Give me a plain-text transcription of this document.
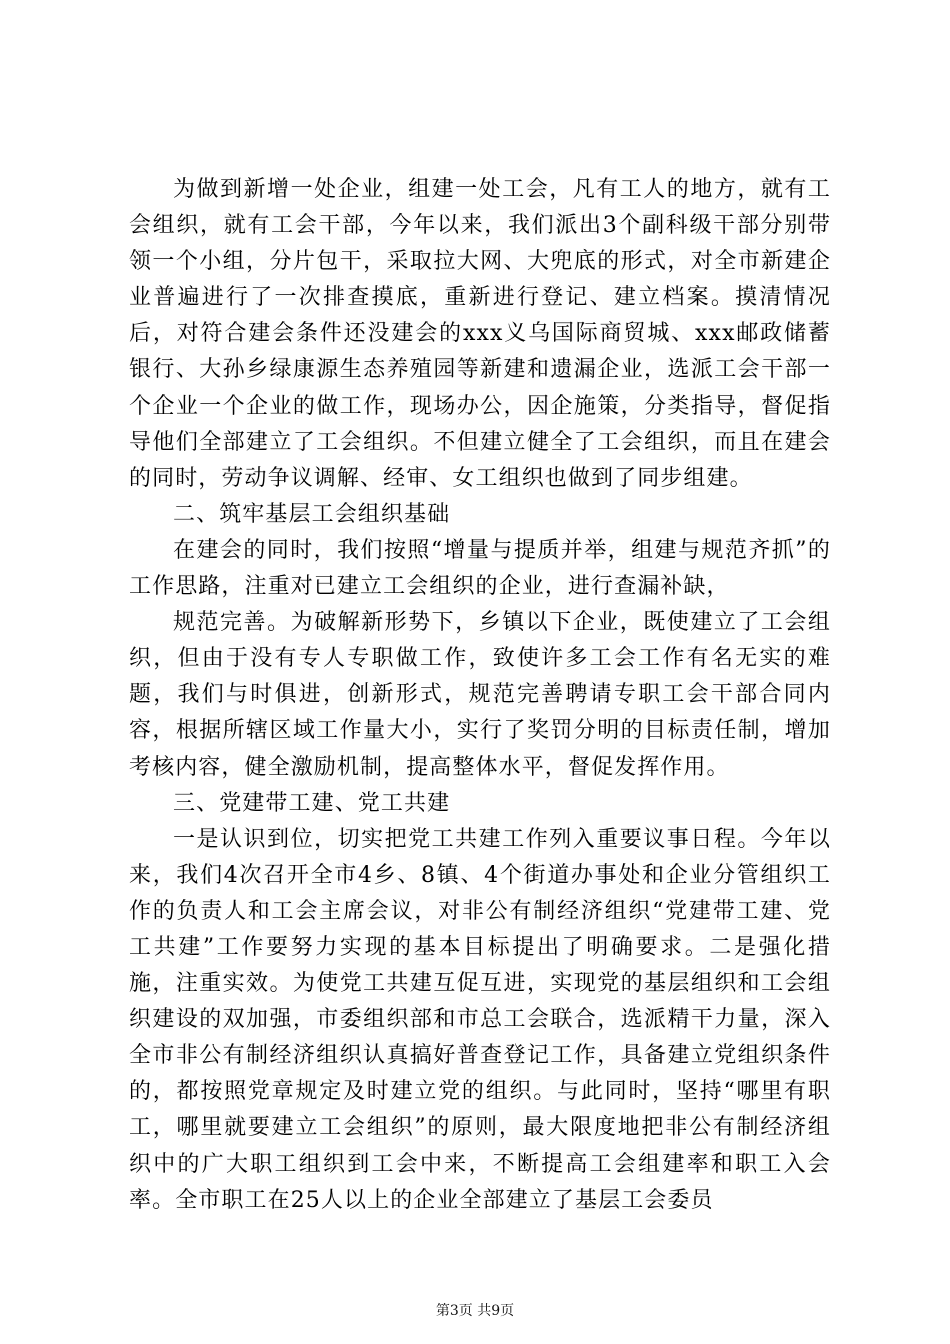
为做到新增一处企业，组建一处工会，凡有工人的地方，就有工会组织，就有工会干部，今年以来，我们派出3个副科级干部分别带领一个小组，分片包干，采取拉大网、大兜底的形式，对全市新建企业普遍进行了一次排查摸底，重新进行登记、建立档案。摸清情况后，对符合建会条件还没建会的xxx义乌国际商贸城、xxx邮政储蓄银行、大孙乡绿康源生态养殖园等新建和遗漏企业，选派工会干部一个企业一个企业的做工作，现场办公，因企施策，分类指导，督促指导他们全部建立了工会组织。不但建立健全了工会组织，而且在建会的同时，劳动争议调解、经审、女工组织也做到了同步组建。

二、筑牢基层工会组织基础

在建会的同时，我们按照“增量与提质并举，组建与规范齐抓”的工作思路，注重对已建立工会组织的企业，进行查漏补缺，

规范完善。为破解新形势下，乡镇以下企业，既使建立了工会组织，但由于没有专人专职做工作，致使许多工会工作有名无实的难题，我们与时俱进，创新形式，规范完善聘请专职工会干部合同内容，根据所辖区域工作量大小，实行了奖罚分明的目标责任制，增加考核内容，健全激励机制，提高整体水平，督促发挥作用。

三、党建带工建、党工共建

一是认识到位，切实把党工共建工作列入重要议事日程。今年以来，我们4次召开全市4乡、8镇、4个街道办事处和企业分管组织工作的负责人和工会主席会议，对非公有制经济组织“党建带工建、党工共建”工作要努力实现的基本目标提出了明确要求。二是强化措施，注重实效。为使党工共建互促互进，实现党的基层组织和工会组织建设的双加强，市委组织部和市总工会联合，选派精干力量，深入全市非公有制经济组织认真搞好普查登记工作，具备建立党组织条件的，都按照党章规定及时建立党的组织。与此同时，坚持“哪里有职工，哪里就要建立工会组织”的原则，最大限度地把非公有制经济组织中的广大职工组织到工会中来，不断提高工会组建率和职工入会率。全市职工在25人以上的企业全部建立了基层工会委员

第3页 共9页
